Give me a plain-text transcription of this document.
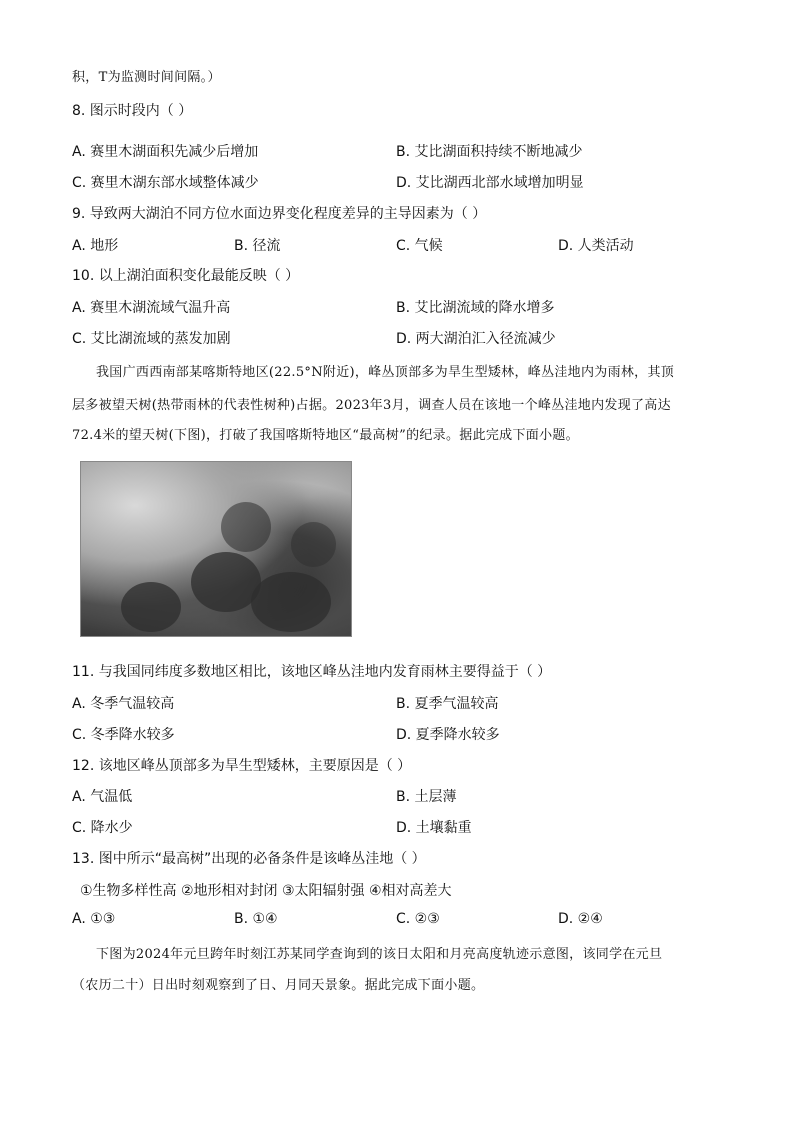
积，T为监测时间间隔。）
8. 图示时段内（ ）
A. 赛里木湖面积先减少后增加	B. 艾比湖面积持续不断地减少
C. 赛里木湖东部水域整体减少	D. 艾比湖西北部水域增加明显
9. 导致两大湖泊不同方位水面边界变化程度差异的主导因素为（ ）
A. 地形	B. 径流	C. 气候	D. 人类活动
10. 以上湖泊面积变化最能反映（ ）
A. 赛里木湖流域气温升高	B. 艾比湖流域的降水增多
C. 艾比湖流域的蒸发加剧	D. 两大湖泊汇入径流减少
我国广西西南部某喀斯特地区(22.5°N附近)，峰丛顶部多为旱生型矮林，峰丛洼地内为雨林，其顶
层多被望天树(热带雨林的代表性树种)占据。2023年3月，调查人员在该地一个峰丛洼地内发现了高达
72.4米的望天树(下图)，打破了我国喀斯特地区“最高树”的纪录。据此完成下面小题。
11. 与我国同纬度多数地区相比，该地区峰丛洼地内发育雨林主要得益于（ ）
A. 冬季气温较高	B. 夏季气温较高
C. 冬季降水较多	D. 夏季降水较多
12. 该地区峰丛顶部多为旱生型矮林，主要原因是（ ）
A. 气温低	B. 土层薄
C. 降水少	D. 土壤黏重
13. 图中所示“最高树”出现的必备条件是该峰丛洼地（ ）
①生物多样性高 ②地形相对封闭 ③太阳辐射强 ④相对高差大
A. ①③	B. ①④	C. ②③	D. ②④
下图为2024年元旦跨年时刻江苏某同学查询到的该日太阳和月亮高度轨迹示意图，该同学在元旦
（农历二十）日出时刻观察到了日、月同天景象。据此完成下面小题。
